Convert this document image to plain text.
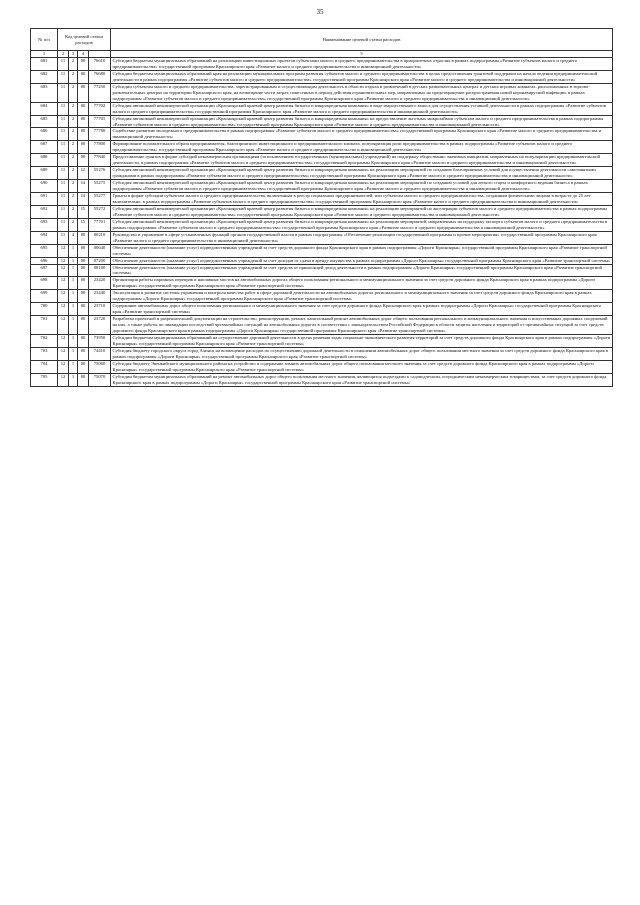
35
№ п/п	Код целевой статьи расходов				Наименование целевой статьи расходов

1	2	3	4		5
681	11	2	00	76610	Субсидии бюджетам муниципальных образований на реализацию инвестиционных проектов субъектами малого и среднего предпринимательства в приоритетных отраслях в рамках подпрограммы «Развитие субъектов малого и среднего предпринимательства» государственной программы Красноярского края «Развитие малого и среднего предпринимательства и инновационной деятельности»
682	11	2	00	76680	Субсидии бюджетам муниципальных образований края на реализацию муниципальных программ развития субъектов малого и среднего предпринимательства в целях предоставления грантовой поддержки на начало ведения предпринимательской деятельности в рамках подпрограммы «Развитие субъектов малого и среднего предпринимательства» государственной программы Красноярского края «Развитие малого и среднего предпринимательства и инновационной деятельности»
683	11	2	00	77250	Субсидии субъектам малого и среднего предпринимательства, зарегистрированным и осуществляющим деятельность в области отдыха и развлечений в детских развлекательных центрах и детских игровых комнатах, расположенных в торгово-развлекательных центрах на территории Красноярского края, на возмещение части затрат, понесенных в период действия ограничительных мер, направленных на предотвращение распространения новой коронавирусной инфекции, в рамках подпрограммы «Развитие субъектов малого и среднего предпринимательства» государственной программы Красноярского края «Развитие малого и среднего предпринимательства и инновационной деятельности»
684	11	2	00	77702	Субсидия автономной некоммерческой организации «Красноярский краевой центр развития бизнеса и микрокредитная компания» в виде имущественного взноса для осуществления уставной деятельности в рамках подпрограммы «Развитие субъектов малого и среднего предпринимательства» государственной программы Красноярского края «Развитие малого и среднего предпринимательства и инновационной деятельности»
685	11	2	00	77705	Субсидия автономной некоммерческой организации «Красноярский краевой центр развития бизнеса и микрокредитная компания» на предоставление льготных микрозаймов субъектам малого и среднего предпринимательства в рамках подпрограммы «Развитие субъектов малого и среднего предпринимательства» государственной программы Красноярского края «Развитие малого и среднего предпринимательства и инновационной деятельности»
686	11	2	00	77780	Содействие развитию молодежного предпринимательства в рамках подпрограммы «Развитие субъектов малого и среднего предпринимательства» государственной программы Красноярского края «Развитие малого и среднего предпринимательства и инновационной деятельности»
687	11	2	00	77800	Формирование положительного образа предпринимателя, благоприятного инвестиционного и предпринимательского климата, популяризация роли предпринимательства в рамках подпрограммы «Развитие субъектов малого и среднего предпринимательства» государственной программы Красноярского края «Развитие малого и среднего предпринимательства и инновационной деятельности»
688	11	2	00	77840	Предоставление грантов в форме субсидий некоммерческим организациям (за исключением государственных (муниципальных) учреждений) на поддержку общественно значимых инициатив, направленных на популяризацию предпринимательской деятельности, в рамках подпрограммы «Развитие субъектов малого и среднего предпринимательства» государственной программы Красноярского края «Развитие малого и среднего предпринимательства и инновационной деятельности»
689	11	2	I2	55276	Субсидия автономной некоммерческой организации «Красноярский краевой центр развития бизнеса и микрокредитная компания» на реализацию мероприятий по созданию благоприятных условий для осуществления деятельности самозанятыми гражданами в рамках подпрограммы «Развитие субъектов малого и среднего предпринимательства» государственной программы Красноярского края «Развитие малого и среднего предпринимательства и инновационной деятельности»
690	11	2	I4	55275	Субсидия автономной некоммерческой организации «Красноярский краевой центр развития бизнеса и микрокредитная компания» на реализацию мероприятий по созданию условий для легкого старта и комфортного ведения бизнеса в рамках подпрограммы «Развитие субъектов малого и среднего предпринимательства» государственной программы Красноярского края «Развитие малого и среднего предпринимательства и инновационной деятельности»
691	11	2	I4	55277	Гранты в форме субсидии субъектам малого и среднего предпринимательства, включенным в реестр социальных предпринимателей, или субъектам малого и среднего предпринимательства, созданным физическими лицами в возрасте до 25 лет включительно, в рамках подпрограммы «Развитие субъектов малого и среднего предпринимательства» государственной программы Красноярского края «Развитие малого и среднего предпринимательства и инновационной деятельности»
692	11	2	I5	55272	Субсидия автономной некоммерческой организации «Красноярский краевой центр развития бизнеса и микрокредитная компания» на реализацию мероприятий по акселерации субъектов малого и среднего предпринимательства в рамках подпрограммы «Развитие субъектов малого и среднего предпринимательства» государственной программы Красноярского края «Развитие малого и среднего предпринимательства и инновационной деятельности»
693	11	2	I5	77701	Субсидия автономной некоммерческой организации «Красноярский краевой центр развития бизнеса и микрокредитная компания» на реализацию мероприятий, направленных на поддержку экспорта субъектов малого и среднего предпринимательства в рамках подпрограммы «Развитие субъектов малого и среднего предпринимательства» государственной программы Красноярского края «Развитие малого и среднего предпринимательства и инновационной деятельности»
694	11	4	00	00210	Руководство и управление в сфере установленных функций органов государственной власти в рамках подпрограммы «Обеспечение реализации государственной программы и прочие мероприятия» государственной программы Красноярского края «Развитие малого и среднего предпринимательства и инновационной деятельности»
695	12	1	00	00640	Обеспечение деятельности (оказание услуг) подведомственных учреждений за счет средств дорожного фонда Красноярского края в рамках подпрограммы «Дороги Красноярья» государственной программы Красноярского края «Развитие транспортной системы»
696	12	1	00	07200	Обеспечение деятельности (оказание услуг) подведомственных учреждений за счет доходов от сдачи в аренду имущества в рамках подпрограммы «Дороги Красноярья» государственной программы Красноярского края «Развитие транспортной системы»
697	12	1	00	08100	Обеспечение деятельности (оказание услуг) подведомственных учреждений за счет средств от приносящей доход деятельности в рамках подпрограммы «Дороги Красноярья» государственной программы Красноярского края «Развитие транспортной системы»
698	12	1	00	23420	Организация работы паромных переправ и наплавных мостов на автомобильных дорогах общего пользования регионального и межмуниципального значения за счет средств дорожного фонда Красноярского края в рамках подпрограммы «Дороги Красноярья» государственной программы Красноярского края «Развитие транспортной системы»
699	12	1	00	23440	Эксплуатация и развитие системы управления и контроля качества работ в сфере дорожной деятельности на автомобильных дорогах регионального и межмуниципального значения за счет средств дорожного фонда Красноярского края в рамках подпрограммы «Дороги Красноярья» государственной программы Красноярского края «Развитие транспортной системы»
700	12	1	00	23710	Содержание автомобильных дорог общего пользования регионального и межмуниципального значения за счет средств дорожного фонда Красноярского края в рамках подпрограммы «Дороги Красноярья» государственной программы Красноярского края «Развитие транспортной системы»
701	12	1	00	23720	Разработка проектной и разрешительной документации на строительство, реконструкцию, ремонт, капитальный ремонт автомобильных дорог общего пользования регионального и межмуниципального значения и искусственных дорожных сооружений на них, а также работы по ликвидации последствий чрезвычайных ситуаций на автомобильных дорогах в соответствии с законодательством Российской Федерации в области защиты населения и территорий от чрезвычайных ситуаций за счет средств дорожного фонда Красноярского края в рамках подпрограммы «Дороги Красноярья» государственной программы Красноярского края «Развитие транспортной системы»
702	12	1	00	73950	Субсидии бюджетам муниципальных образований на осуществление дорожной деятельности в целях решения задач социально-экономического развития территорий за счет средств дорожного фонда Красноярского края в рамках подпрограммы «Дороги Красноярья» государственной программы Красноярского края «Развитие транспортной системы»
703	12	1	00	74410	Субсидия бюджету городского округа город Ачинск на возмещение расходов по осуществлению дорожной деятельности в отношении автомобильных дорог общего пользования местного значения за счет средств дорожного фонда Красноярского края в рамках подпрограммы «Дороги Красноярья» государственной программы Красноярского края «Развитие транспортной системы»
704	12	1	00	75060	Субсидия бюджету Эвенкийского муниципального района на устройство и содержание зимних автомобильных дорог общего пользования местного значения за счет средств дорожного фонда Красноярского края в рамках подпрограммы «Дороги Красноярья» государственной программы Красноярского края «Развитие транспортной системы»
705	12	1	00	75070	Субсидии бюджетам муниципальных образований на ремонт автомобильных дорог общего пользования местного значения, являющихся подъездами к садоводческим, огородническим некоммерческим товариществам, за счет средств дорожного фонда Красноярского края в рамках подпрограммы «Дороги Красноярья» государственной программы Красноярского края «Развитие транспортной системы»
